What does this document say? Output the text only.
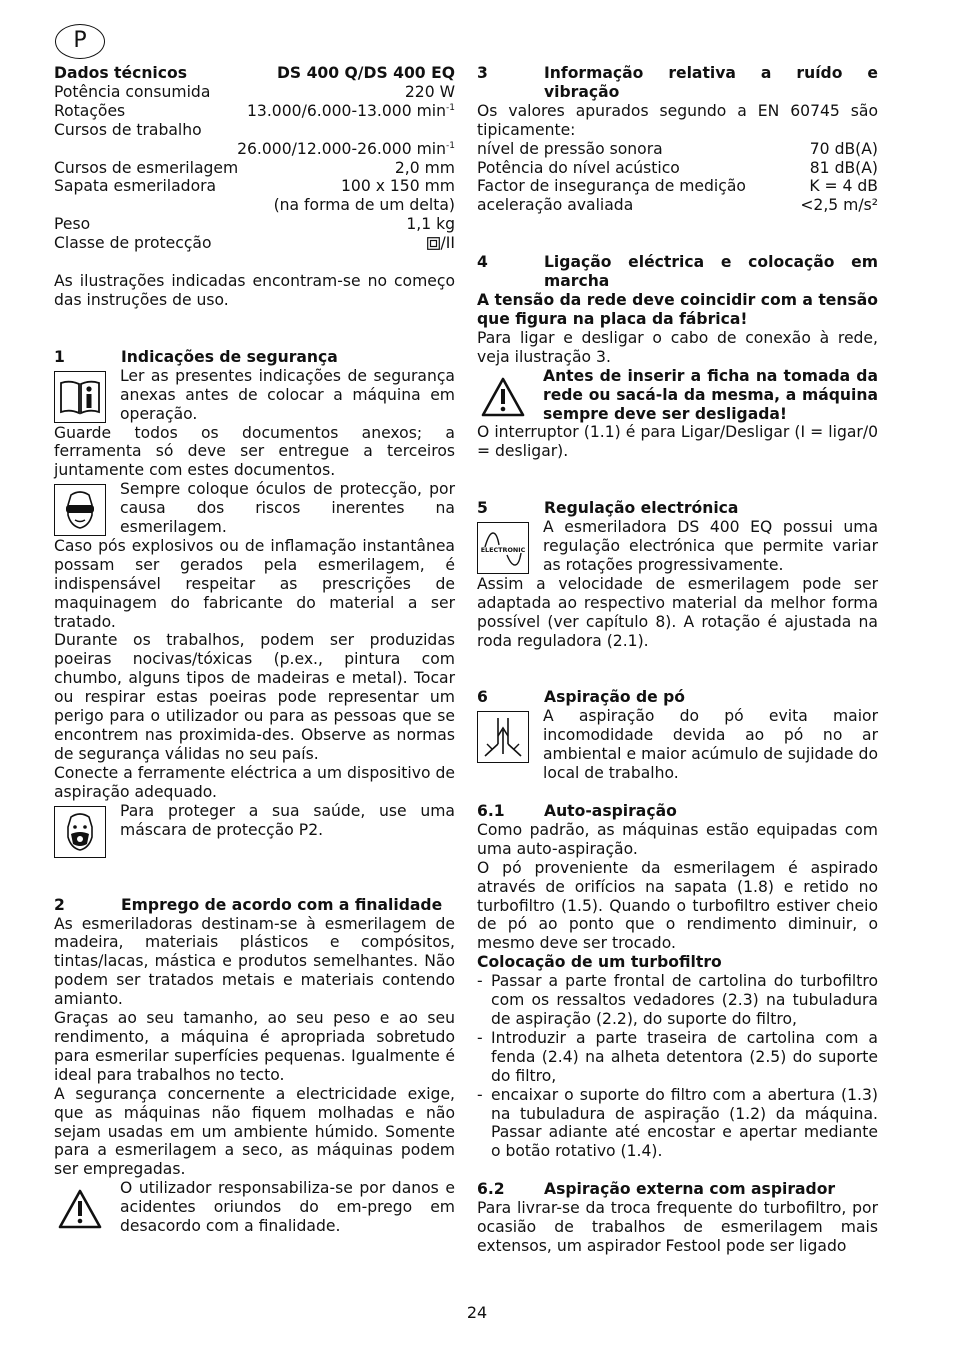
P
Dados técnicos	DS 400 Q/DS 400 EQ
Potência consumida	220 W
Rotações	13.000/6.000-13.000 $\min^{-1}$
Cursos de trabalho
26.000/12.000-26.000 $\min^{-1}$
Cursos de esmerilagem	2,0 mm
Sapata esmeriladora	100 x 150 mm
(na forma de um delta)
Peso	1,1 kg
Classe de protecção	/II

As ilustrações indicadas encontram-se no começo das instruções de uso.

1	Indicações de segurança
Ler as presentes indicações de segurança anexas antes de colocar a máquina em operação.

Guarde todos os documentos anexos; a ferramenta só deve ser entregue a terceiros juntamente com estes documentos.

Sempre coloque óculos de protecção, por causa dos riscos inerentes na esmerilagem.

Caso pós explosivos ou de inflamação instantânea possam ser gerados pela esmerilagem, é indispensável respeitar as prescrições de maquinagem do fabricante do material a ser tratado.

Durante os trabalhos, podem ser produzidas poeiras nocivas/tóxicas (p.ex., pintura com chumbo, alguns tipos de madeiras e metal). Tocar ou respirar estas poeiras pode representar um perigo para o utilizador ou para as pessoas que se encontrem nas proximida-des. Observe as normas de segurança válidas no seu país.

Conecte a ferramente eléctrica a um dispositivo de aspiração adequado.

Para proteger a sua saúde, use uma máscara de protecção P2.
2	Emprego de acordo com a finalidade

As esmeriladoras destinam-se à esmerilagem de madeira, materiais plásticos e compósitos, tintas/lacas, mástica e produtos semelhantes. Não podem ser tratados metais e materiais contendo amianto.

Graças ao seu tamanho, ao seu peso e ao seu rendimento, a máquina é apropriada sobretudo para esmerilar superfícies pequenas. Igualmente é ideal para trabalhos no tecto.

A segurança concernente a electricidade exige, que as máquinas não fiquem molhadas e não sejam usadas em um ambiente húmido. Somente para a esmerilagem a seco, as máquinas podem ser empregadas.

O utilizador responsabiliza-se por danos e acidentes oriundos do em-prego em desacordo com a finalidade.
3	Informação relativa a ruído e vibração

Os valores apurados segundo a EN 60745 são tipicamente:

nível de pressão sonora	70 dB(A)
Potência do nível acústico	81 dB(A)
Factor de insegurança de medição	K = 4 dB
aceleração avaliada	<2,5 m/s²
4	Ligação eléctrica e colocação em marcha

A tensão da rede deve coincidir com a tensão que figura na placa da fábrica!

Para ligar e desligar o cabo de conexão à rede, veja ilustração 3.

Antes de inserir a ficha na tomada da rede ou sacá-la da mesma, a máquina sempre deve ser desligada!

O interruptor (1.1) é para Ligar/Desligar (I = ligar/0 = desligar).

5	Regulação electrónica
ELECTRONIC
A esmeriladora DS 400 EQ possui uma regulação electrónica que permite variar as rotações progressivamente.

Assim a velocidade de esmerilagem pode ser adaptada ao respectivo material da melhor forma possível (ver capítulo 8). A rotação é ajustada na roda reguladora (2.1).

6	Aspiração de pó
A aspiração do pó evita maior incomodidade devida ao pó no ar ambiental e maior acúmulo de sujidade do local de trabalho.
6.1	Auto-aspiração

Como padrão, as máquinas estão equipadas com uma auto-aspiração.

O pó proveniente da esmerilagem é aspirado através de orifícios na sapata (1.8) e retido no turbofiltro (1.5). Quando o turbofiltro estiver cheio de pó ao ponto que o rendimento diminuir, o mesmo deve ser trocado.

Colocação de um turbofiltro

- Passar a parte frontal de cartolina do turbofiltro com os ressaltos vedadores (2.3) na tubuladura de aspiração (2.2), do suporte do filtro,
- Introduzir a parte traseira de cartolina com a fenda (2.4) na alheta detentora (2.5) do suporte do filtro,
- encaixar o suporte do filtro com a abertura (1.3) na tubuladura de aspiração (1.2) da máquina. Passar adiante até encostar e apertar mediante o botão rotativo (1.4).
6.2	Aspiração externa com aspirador

Para livrar-se da troca frequente do turbofiltro, por ocasião de trabalhos de esmerilagem mais extensos, um aspirador Festool pode ser ligado

24
